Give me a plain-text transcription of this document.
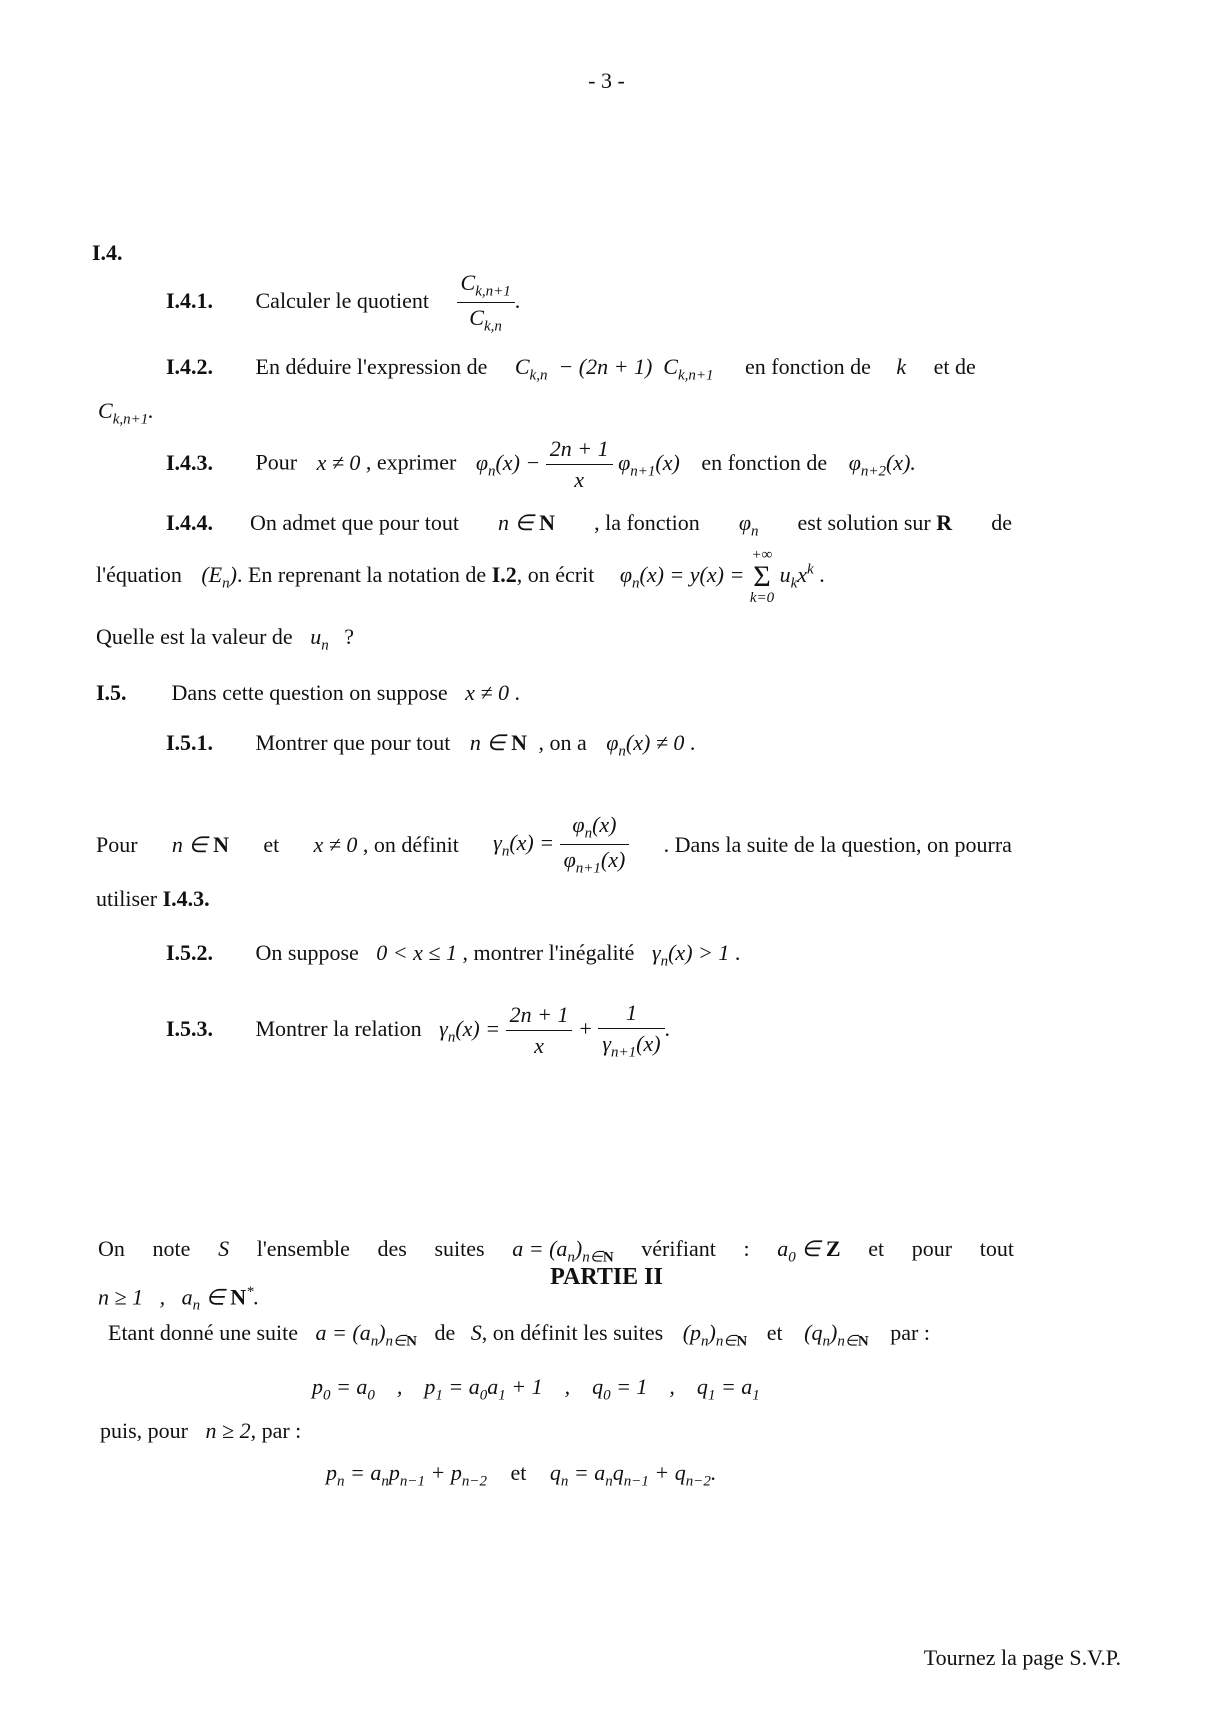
- 3 -
I.4.
I.4.1. Calculer le quotient $\frac{C_{k,n+1}}{C_{k,n}}$ .
I.4.2. En déduire l'expression de $C_{k,n} - (2n + 1)$  $C_{k,n+1}$ en fonction de k et de
$C_{k,n+1}$.
I.4.3. Pour x ≠ 0 , exprimer $\varphi_n(x) - \frac{2n + 1}{x} \varphi_{n+1}(x)$ en fonction de $\varphi_{n+2}(x)$.
I.4.4. On admet que pour tout n ∈ N , la fonction $\varphi_n$ est solution sur R de
l'équation $(E_n)$. En reprenant la notation de I.2, on écrit $\varphi_n(x) = y(x)$ =
+∞
Σ
k=0
$u_kx^k$ .
Quelle est la valeur de $u_n$ ?
I.5. Dans cette question on suppose x ≠ 0 .
I.5.1. Montrer que pour tout n ∈ N , on a $\varphi_n(x) \ne 0$ .
Pour n ∈ N et x ≠ 0 , on définit $\gamma_n(x) = \frac{\varphi_n(x)}{\varphi_{n+1}(x)}$ . Dans la suite de la question, on pourra
utiliser I.4.3.
I.5.2. On suppose 0 < x ≤ 1 , montrer l'inégalité $\gamma_n(x) > 1$ .
I.5.3. Montrer la relation $\gamma_n(x) = \frac{2n + 1}{x} + \frac{1}{\gamma_{n+1}(x)}$ .
PARTIE II
On note S l'ensemble des suites $a = (a_n)_{n\in N}$ vérifiant : $a_0$ ∈ Z et pour tout
n ≥ 1   ,   $a_n$ ∈ N*.
Etant donné une suite $a = (a_n)_{n\in N}$ de S, on définit les suites $(p_n)_{n\in N}$ et $(q_n)_{n\in N}$ par :
$p_0 = a_0$    ,    $p_1 = a_0a_1 + 1$    ,    $q_0 = 1$    ,    $q_1 = a_1$
puis, pour n ≥ 2, par :
$p_n = a_np_{n-1} + p_{n-2}$ et $q_n = a_nq_{n-1} + q_{n-2}$.
Tournez la page S.V.P.
